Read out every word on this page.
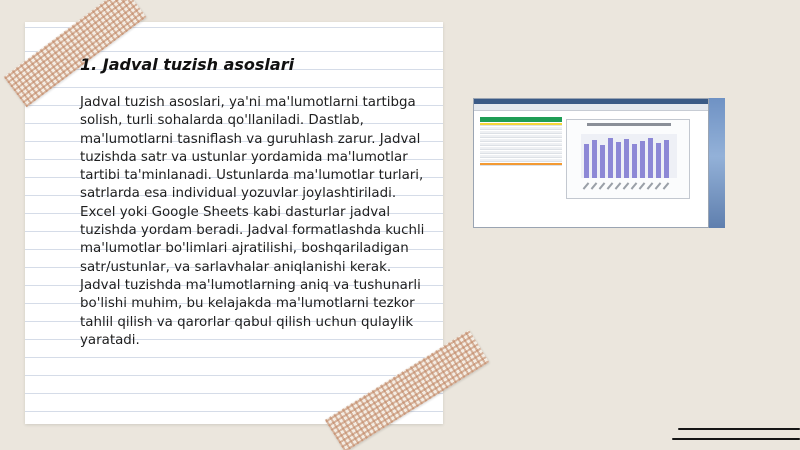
1. Jadval tuzish asoslari
Jadval tuzish asoslari, ya'ni ma'lumotlarni tartibga solish, turli sohalarda qo'llaniladi. Dastlab, ma'lumotlarni tasniflash va guruhlash zarur. Jadval tuzishda satr va ustunlar yordamida ma'lumotlar tartibi ta'minlanadi. Ustunlarda ma'lumotlar turlari, satrlarda esa individual yozuvlar joylashtiriladi. Excel yoki Google Sheets kabi dasturlar jadval tuzishda yordam beradi. Jadval formatlashda kuchli ma'lumotlar bo'limlari ajratilishi, boshqariladigan satr/ustunlar, va sarlavhalar aniqlanishi kerak. Jadval tuzishda ma'lumotlarning aniq va tushunarli bo'lishi muhim, bu kelajakda ma'lumotlarni tezkor tahlil qilish va qarorlar qabul qilish uchun qulaylik yaratadi.
